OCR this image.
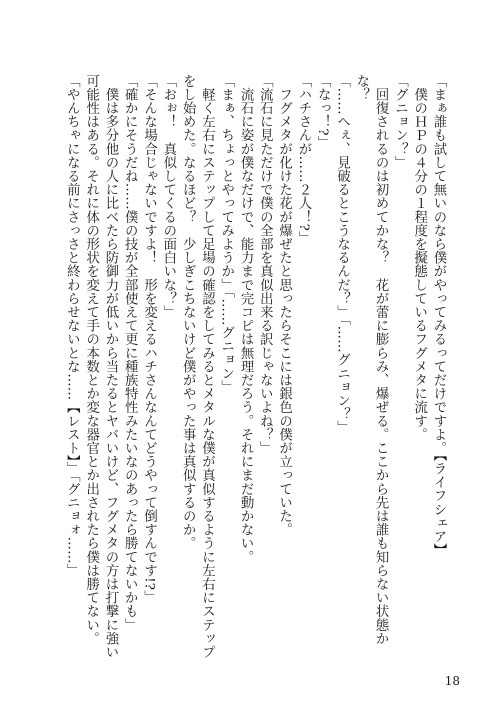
「まぁ誰も試して無いのなら僕がやってみるってだけですよ。【ライフシェア】

　僕のＨＰの４分の１程度を擬態しているフグメタに流す。

「グニョン？」

　回復されるのは初めてかな？　花が蕾に膨らみ、爆ぜる。ここから先は誰も知らない状態かな？

「……へぇ、見破るとこうなるんだ？」「……グニョン？」

「なっ！?」

「ハチさんが……２人！?」

　フグメタが化けた花が爆ぜたと思ったらそこには銀色の僕が立っていた。

「流石に見ただけで僕の全部を真似出来る訳じゃないよね？」

　流石に姿が僕なだけで、能力まで完コピは無理だろう。それにまだ動かない。

「まぁ、ちょっとやってみようか」「……グニョン」

　軽く左右にステップして足場の確認をしてみるとメタルな僕が真似するように左右にステップをし始めた。なるほど？　少しぎこちないけど僕がやった事は真似するのか。

「おぉ！　真似してくるの面白いな？」

「そんな場合じゃないですよ！　形を変えるハチさんなんてどうやって倒すんです!?」

「確かにそうだね……僕の技が全部使えて更に種族特性みたいなのあったら勝てないかも」

　僕は多分他の人に比べたら防御力が低いから当たるとヤバいけど、フグメタの方は打撃に強い可能性はある。それに体の形状を変えて手の本数とか変な器官とか出されたら僕は勝てない。

「やんちゃになる前にさっさと終わらせないとな……【レスト】」「グニョォ……」

18
